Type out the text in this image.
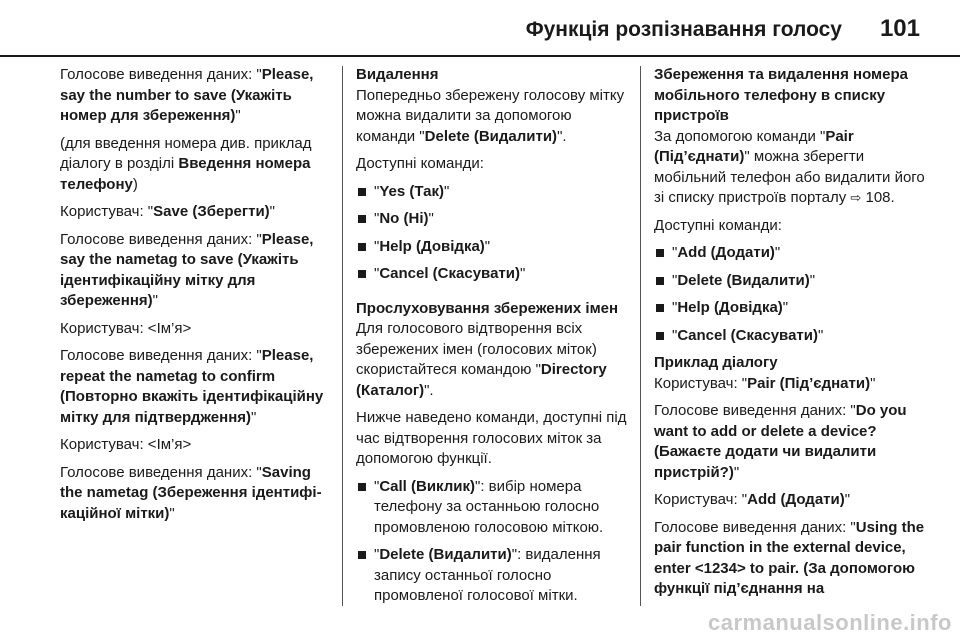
Функція розпізнавання голосу 101

Голосове виведення даних: "Please, say the number to save (Укажіть номер для збереження)"

(для введення номера див. приклад діалогу в розділі Введення номера телефону)

Користувач: "Save (Зберегти)"

Голосове виведення даних: "Please, say the nametag to save (Укажіть ідентифікаційну мітку для збереження)"

Користувач: <Ім’я>

Голосове виведення даних: "Please, repeat the nametag to confirm (Повторно вкажіть ідентифікаційну мітку для підтвердження)"

Користувач: <Ім’я>

Голосове виведення даних: "Saving the nametag (Збереження ідентифікаційної мітки)"

Видалення

Попередньо збережену голосову мітку можна видалити за допомогою команди "Delete (Видалити)".

Доступні команди:

"Yes (Так)"
"No (Ні)"
"Help (Довідка)"
"Cancel (Скасувати)"

Прослуховування збережених імен

Для голосового відтворення всіх збережених імен (голосових міток) скористайтеся командою "Directory (Каталог)".

Нижче наведено команди, доступні під час відтворення голосових міток за допомогою функції.

"Call (Виклик)": вибір номера телефону за останньою голосно промовленою голосовою міткою.
"Delete (Видалити)": видалення запису останньої голосно промовленої голосової мітки.

Збереження та видалення номера мобільного телефону в списку пристроїв

За допомогою команди "Pair (Під’єднати)" можна зберегти мобільний телефон або видалити його зі списку пристроїв порталу ⇨ 108.

Доступні команди:

"Add (Додати)"
"Delete (Видалити)"
"Help (Довідка)"
"Cancel (Скасувати)"

Приклад діалогу

Користувач: "Pair (Під’єднати)"

Голосове виведення даних: "Do you want to add or delete a device? (Бажаєте додати чи видалити пристрій?)"

Користувач: "Add (Додати)"

Голосове виведення даних: "Using the pair function in the external device, enter <1234> to pair. (За допомогою функції під’єднання на

carmanualsonline.info
